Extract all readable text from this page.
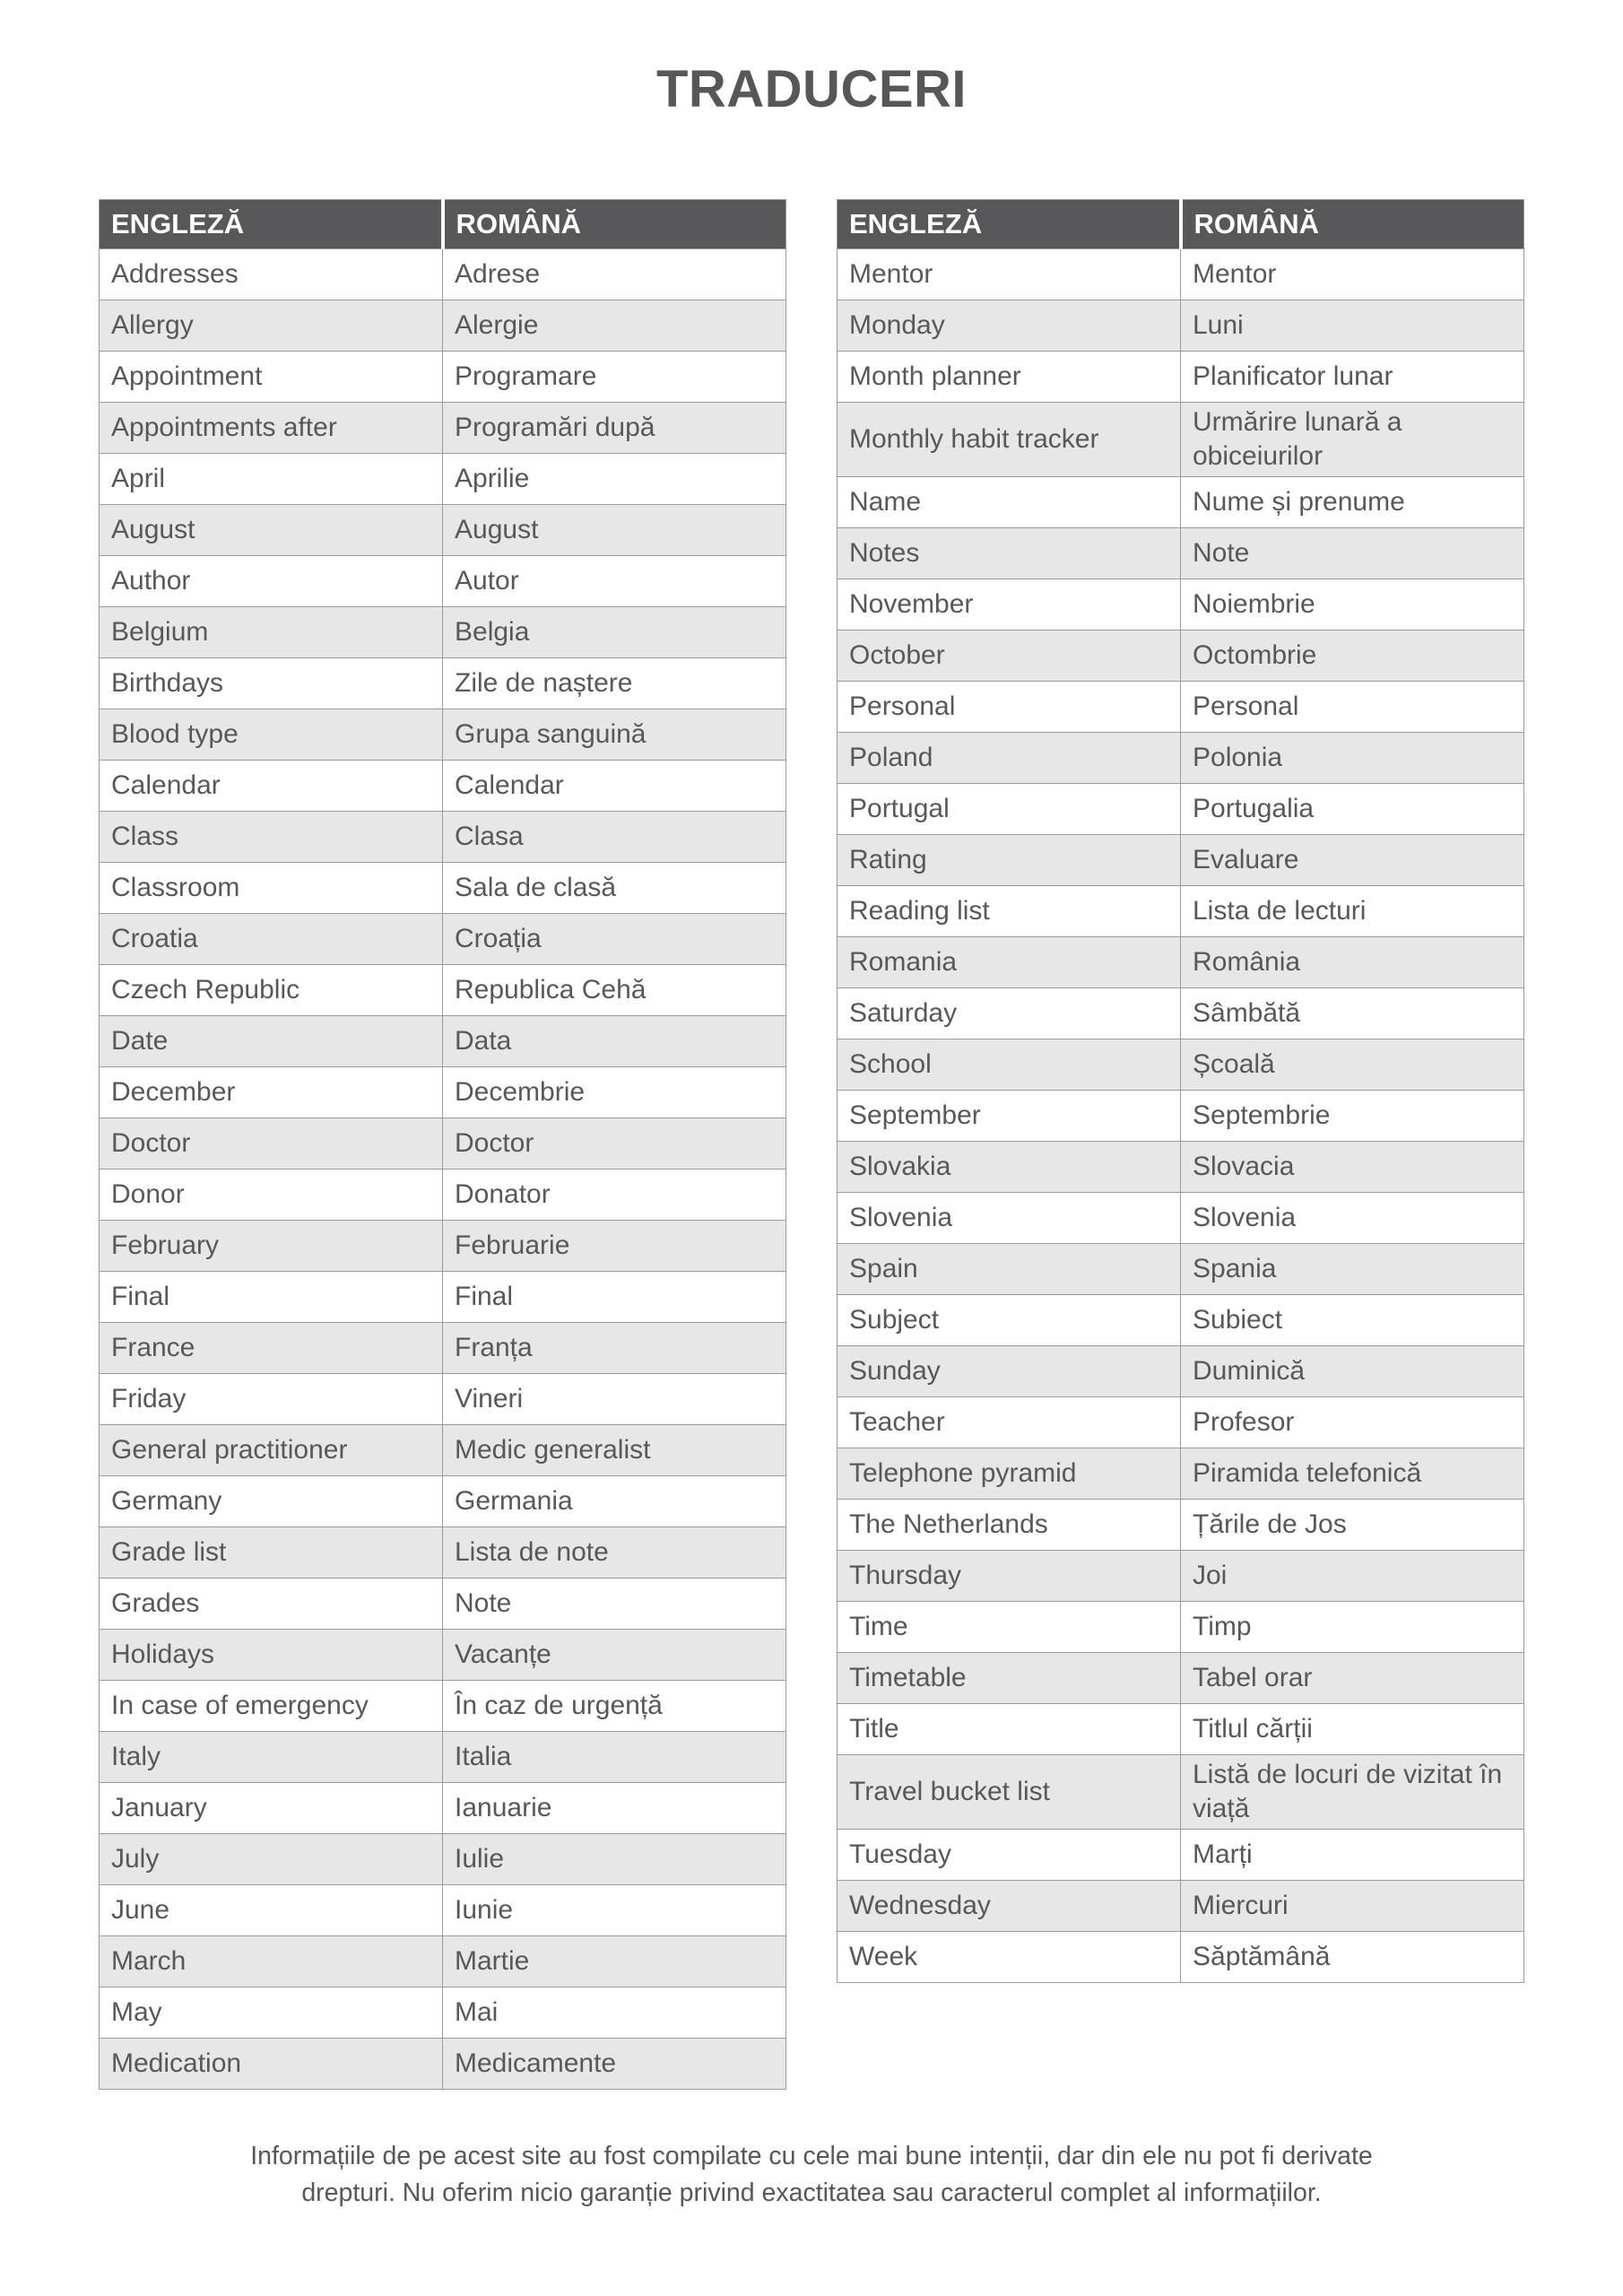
TRADUCERI
ENGLEZĂ	ROMÂNĂ
Addresses	Adrese
Allergy	Alergie
Appointment	Programare
Appointments after	Programări după
April	Aprilie
August	August
Author	Autor
Belgium	Belgia
Birthdays	Zile de naștere
Blood type	Grupa sanguină
Calendar	Calendar
Class	Clasa
Classroom	Sala de clasă
Croatia	Croația
Czech Republic	Republica Cehă
Date	Data
December	Decembrie
Doctor	Doctor
Donor	Donator
February	Februarie
Final	Final
France	Franța
Friday	Vineri
General practitioner	Medic generalist
Germany	Germania
Grade list	Lista de note
Grades	Note
Holidays	Vacanțe
In case of emergency	În caz de urgență
Italy	Italia
January	Ianuarie
July	Iulie
June	Iunie
March	Martie
May	Mai
Medication	Medicamente
ENGLEZĂ	ROMÂNĂ
Mentor	Mentor
Monday	Luni
Month planner	Planificator lunar
Monthly habit tracker	Urmărire lunară a obiceiurilor
Name	Nume și prenume
Notes	Note
November	Noiembrie
October	Octombrie
Personal	Personal
Poland	Polonia
Portugal	Portugalia
Rating	Evaluare
Reading list	Lista de lecturi
Romania	România
Saturday	Sâmbătă
School	Școală
September	Septembrie
Slovakia	Slovacia
Slovenia	Slovenia
Spain	Spania
Subject	Subiect
Sunday	Duminică
Teacher	Profesor
Telephone pyramid	Piramida telefonică
The Netherlands	Țările de Jos
Thursday	Joi
Time	Timp
Timetable	Tabel orar
Title	Titlul cărții
Travel bucket list	Listă de locuri de vizitat în viață
Tuesday	Marți
Wednesday	Miercuri
Week	Săptămână
Informațiile de pe acest site au fost compilate cu cele mai bune intenții, dar din ele nu pot fi derivate
drepturi. Nu oferim nicio garanție privind exactitatea sau caracterul complet al informațiilor.
